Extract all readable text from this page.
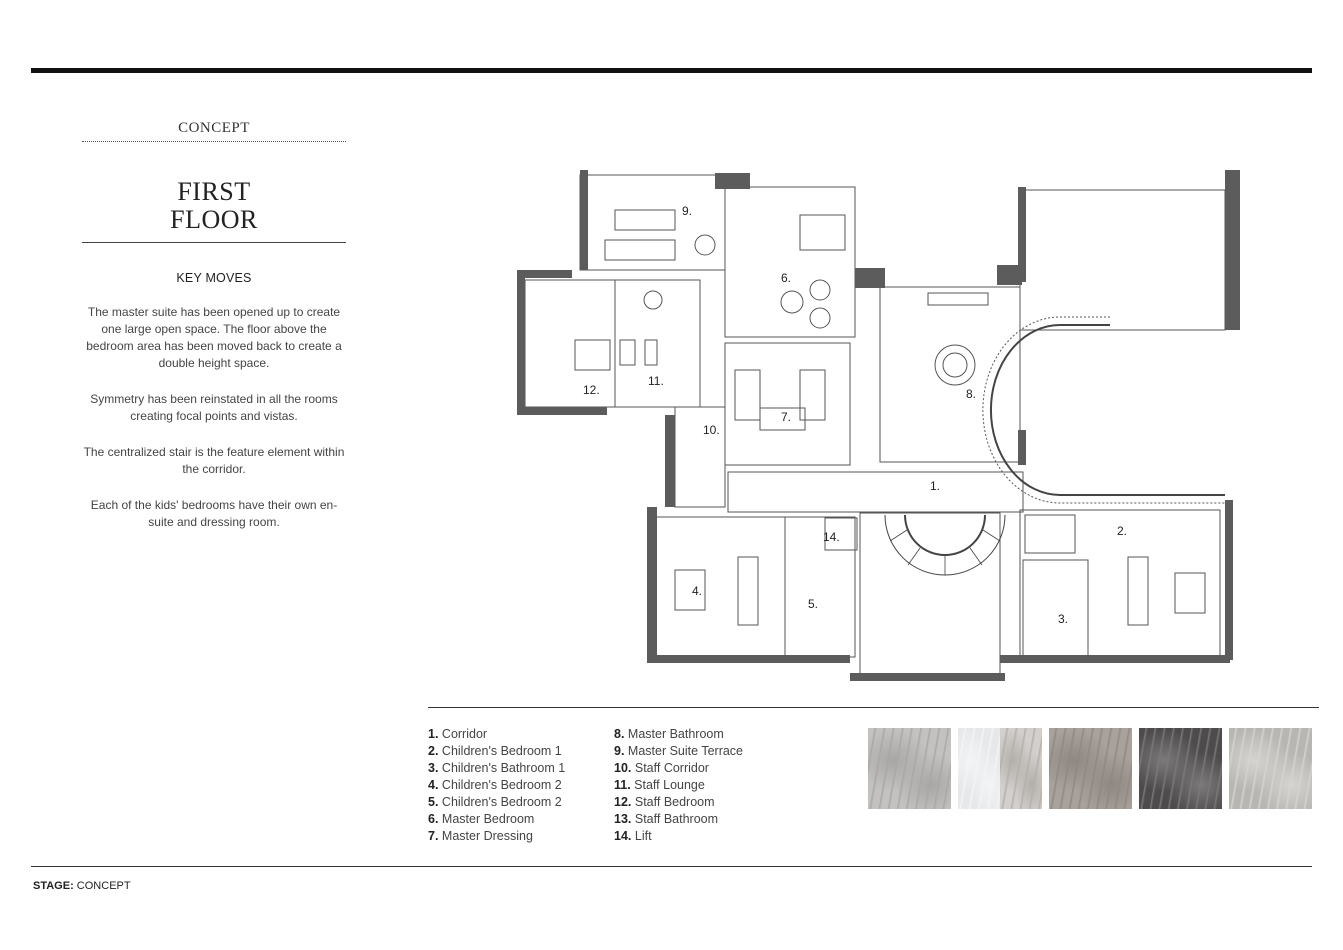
CONCEPT
FIRST
FLOOR
KEY MOVES
The master suite has been opened up to create one large open space. The floor above the bedroom area has been moved back to create a double height space.
Symmetry has been reinstated in all the rooms creating focal points and vistas.
The centralized stair is the feature element within the corridor.
Each of the kids' bedrooms have their own en-suite and dressing room.
1.
2.
3.
4.
5.
6.
7.
8.
9.
10.
11.
12.
14.
1. Corridor
2. Children's Bedroom 1
3. Children's Bathroom 1
4. Children's Bedroom 2
5. Children's Bedroom 2
6. Master Bedroom
7. Master Dressing
8. Master Bathroom
9. Master Suite Terrace
10. Staff Corridor
11. Staff Lounge
12. Staff Bedroom
13. Staff Bathroom
14. Lift
STAGE: CONCEPT
